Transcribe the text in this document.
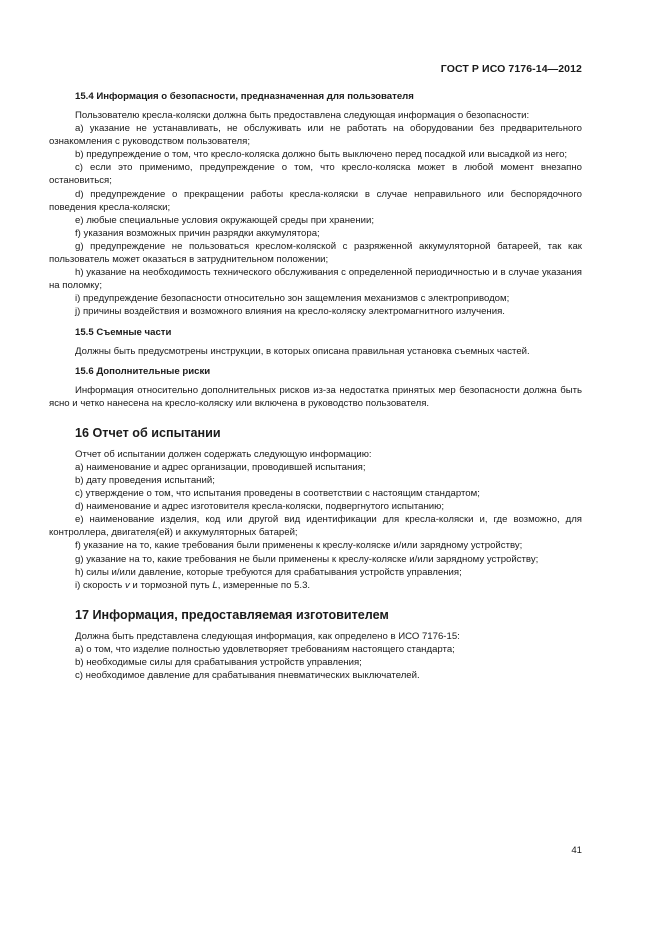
ГОСТ Р ИСО 7176-14—2012
15.4 Информация о безопасности, предназначенная для пользователя

Пользователю кресла-коляски должна быть предоставлена следующая информация о безопасности:

a) указание не устанавливать, не обслуживать или не работать на оборудовании без предварительного ознакомления с руководством пользователя;

b) предупреждение о том, что кресло-коляска должно быть выключено перед посадкой или высадкой из него;

c) если это применимо, предупреждение о том, что кресло-коляска может в любой момент внезапно остановиться;

d) предупреждение о прекращении работы кресла-коляски в случае неправильного или беспорядочного поведения кресла-коляски;

e) любые специальные условия окружающей среды при хранении;

f) указания возможных причин разрядки аккумулятора;

g) предупреждение не пользоваться креслом-коляской с разряженной аккумуляторной батареей, так как пользователь может оказаться в затруднительном положении;

h) указание на необходимость технического обслуживания с определенной периодичностью и в случае указания на поломку;

i) предупреждение безопасности относительно зон защемления механизмов с электроприводом;

j) причины воздействия и возможного влияния на кресло-коляску электромагнитного излучения.

15.5 Съемные части

Должны быть предусмотрены инструкции, в которых описана правильная установка съемных частей.

15.6 Дополнительные риски

Информация относительно дополнительных рисков из-за недостатка принятых мер безопасности должна быть ясно и четко нанесена на кресло-коляску или включена в руководство пользователя.

16 Отчет об испытании

Отчет об испытании должен содержать следующую информацию:

a) наименование и адрес организации, проводившей испытания;

b) дату проведения испытаний;

c) утверждение о том, что испытания проведены в соответствии с настоящим стандартом;

d) наименование и адрес изготовителя кресла-коляски, подвергнутого испытанию;

e) наименование изделия, код или другой вид идентификации для кресла-коляски и, где возможно, для контроллера, двигателя(ей) и аккумуляторных батарей;

f) указание на то, какие требования были применены к креслу-коляске и/или зарядному устройству;

g) указание на то, какие требования не были применены к креслу-коляске и/или зарядному устройству;

h) силы и/или давление, которые требуются для срабатывания устройств управления;

i) скорость v и тормозной путь L, измеренные по 5.3.

17 Информация, предоставляемая изготовителем

Должна быть представлена следующая информация, как определено в ИСО 7176-15:

a) о том, что изделие полностью удовлетворяет требованиям настоящего стандарта;

b) необходимые силы для срабатывания устройств управления;

c) необходимое давление для срабатывания пневматических выключателей.

41
